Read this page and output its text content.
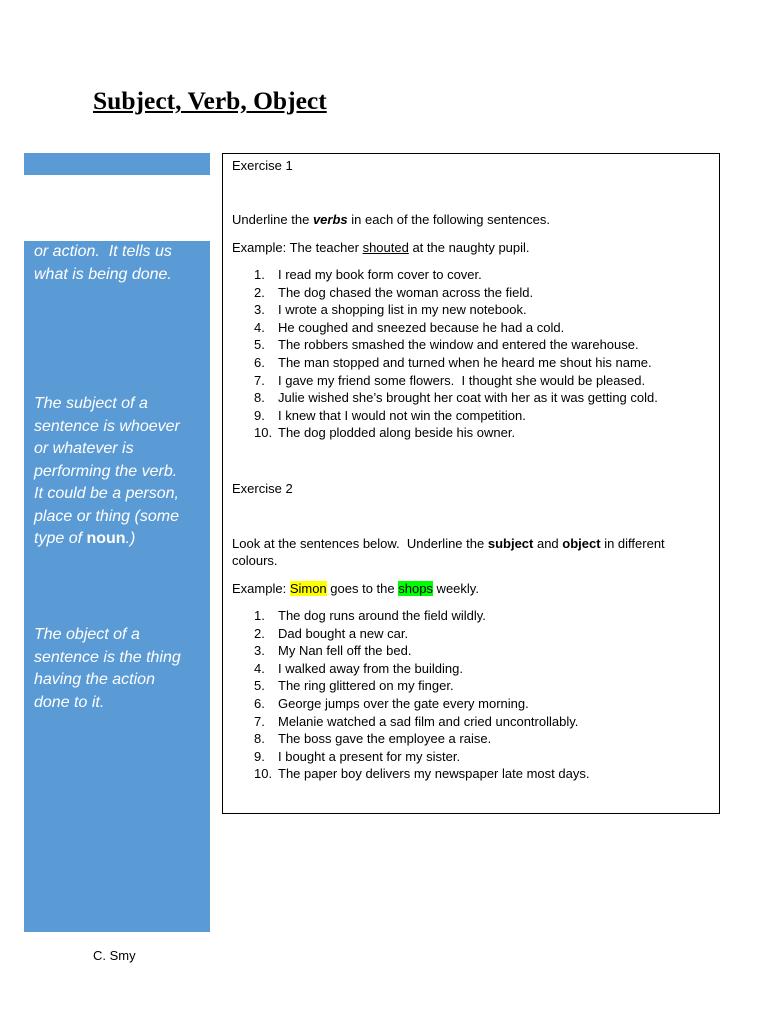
Subject, Verb, Object
or action.  It tells us
what is being done.
The subject of a
sentence is whoever
or whatever is
performing the verb.
It could be a person,
place or thing (some
type of noun.)
The object of a
sentence is the thing
having the action
done to it.
Exercise 1
Underline the verbs in each of the following sentences.
Example: The teacher shouted at the naughty pupil.
1. I read my book form cover to cover.
2. The dog chased the woman across the field.
3. I wrote a shopping list in my new notebook.
4. He coughed and sneezed because he had a cold.
5. The robbers smashed the window and entered the warehouse.
6. The man stopped and turned when he heard me shout his name.
7. I gave my friend some flowers.  I thought she would be pleased.
8. Julie wished she’s brought her coat with her as it was getting cold.
9. I knew that I would not win the competition.
10. The dog plodded along beside his owner.
Exercise 2
Look at the sentences below.  Underline the subject and object in different
colours.
Example: Simon goes to the shops weekly.
1. The dog runs around the field wildly.
2. Dad bought a new car.
3. My Nan fell off the bed.
4. I walked away from the building.
5. The ring glittered on my finger.
6. George jumps over the gate every morning.
7. Melanie watched a sad film and cried uncontrollably.
8. The boss gave the employee a raise.
9. I bought a present for my sister.
10. The paper boy delivers my newspaper late most days.
C. Smy
